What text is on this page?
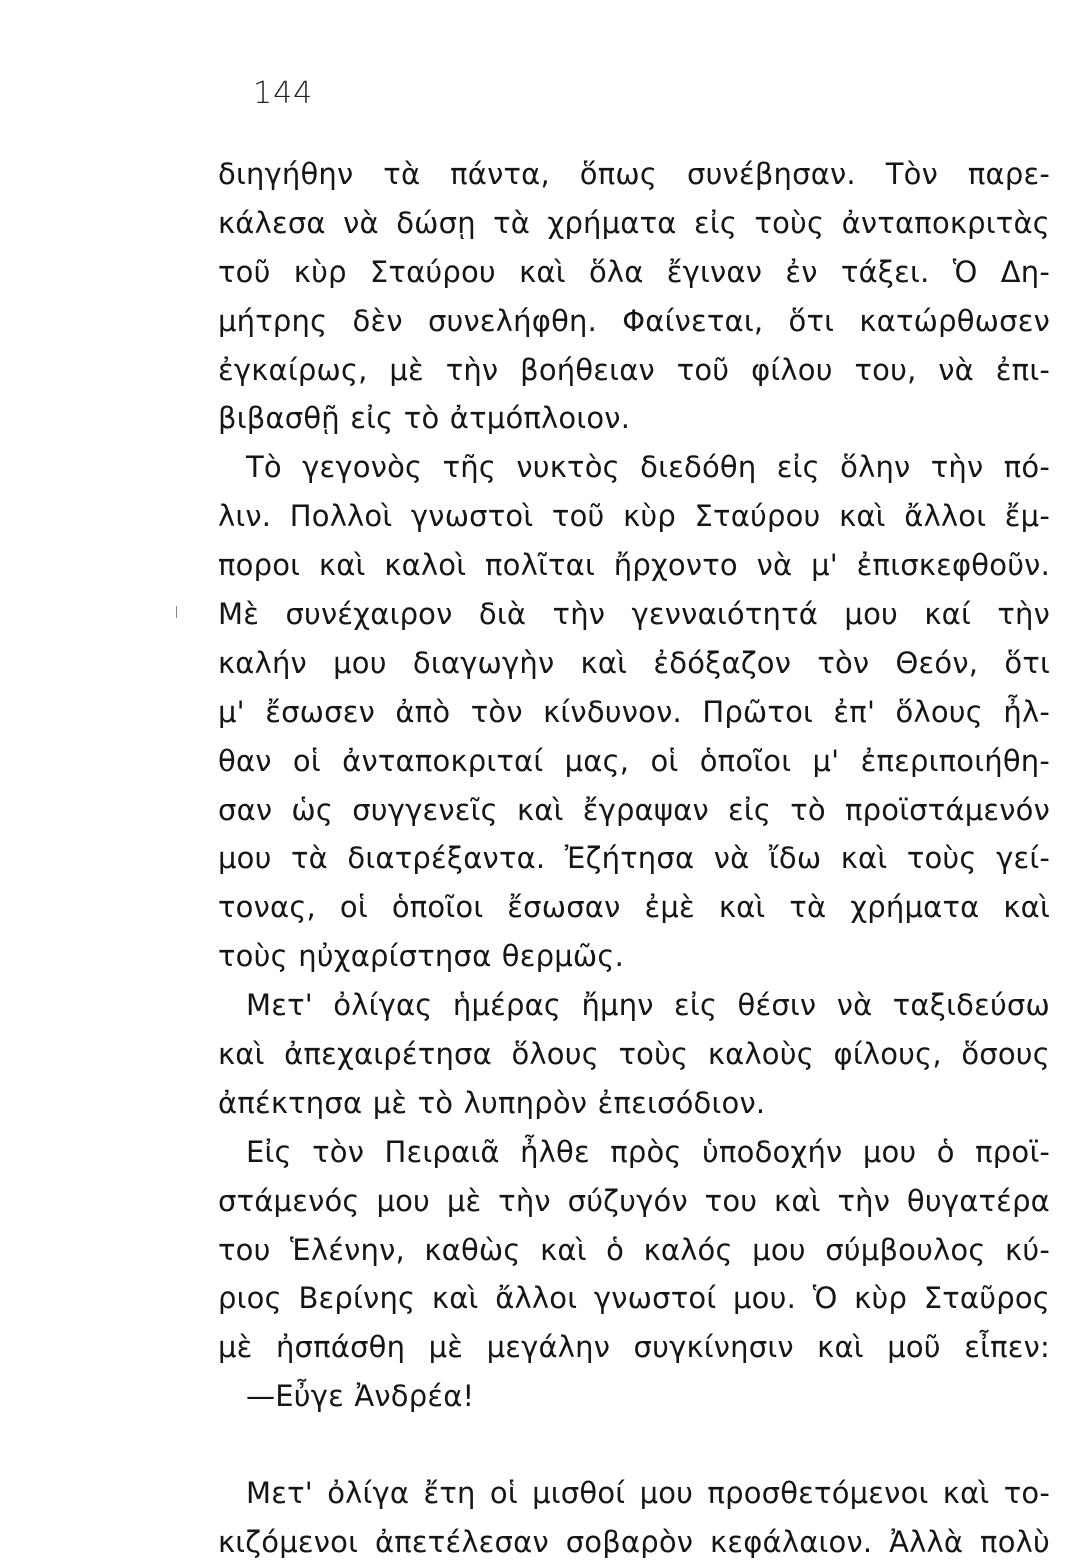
144
διηγήθην τὰ πάντα, ὅπως συνέβησαν. Τὸν παρε-
κάλεσα νὰ δώσῃ τὰ χρήματα εἰς τοὺς ἀνταποκριτὰς
τοῦ κὺρ Σταύρου καὶ ὅλα ἔγιναν ἐν τάξει. Ὁ Δη-
μήτρης δὲν συνελήφθη. Φαίνεται, ὅτι κατώρθωσεν
ἐγκαίρως, μὲ τὴν βοήθειαν τοῦ φίλου του, νὰ ἐπι-
βιβασθῇ εἰς τὸ ἀτμόπλοιον.
Τὸ γεγονὸς τῆς νυκτὸς διεδόθη εἰς ὅλην τὴν πό-
λιν. Πολλοὶ γνωστοὶ τοῦ κὺρ Σταύρου καὶ ἄλλοι ἔμ-
ποροι καὶ καλοὶ πολῖται ἤρχοντο νὰ μ' ἐπισκεφθοῦν.
Μὲ συνέχαιρον διὰ τὴν γενναιότητά μου καί τὴν
καλήν μου διαγωγὴν καὶ ἐδόξαζον τὸν Θεόν, ὅτι
μ' ἔσωσεν ἀπὸ τὸν κίνδυνον. Πρῶτοι ἐπ' ὅλους ἦλ-
θαν οἱ ἀνταποκριταί μας, οἱ ὁποῖοι μ' ἐπεριποιήθη-
σαν ὡς συγγενεῖς καὶ ἔγραψαν εἰς τὸ προϊστάμενόν
μου τὰ διατρέξαντα. Ἐζήτησα νὰ ἴδω καὶ τοὺς γεί-
τονας, οἱ ὁποῖοι ἔσωσαν ἐμὲ καὶ τὰ χρήματα καὶ
τοὺς ηὐχαρίστησα θερμῶς.
Μετ' ὀλίγας ἡμέρας ἤμην εἰς θέσιν νὰ ταξιδεύσω
καὶ ἀπεχαιρέτησα ὅλους τοὺς καλοὺς φίλους, ὅσους
ἀπέκτησα μὲ τὸ λυπηρὸν ἐπεισόδιον.
Εἰς τὸν Πειραιᾶ ἦλθε πρὸς ὑποδοχήν μου ὁ προϊ-
στάμενός μου μὲ τὴν σύζυγόν του καὶ τὴν θυγατέρα
του Ἑλένην, καθὼς καὶ ὁ καλός μου σύμβουλος κύ-
ριος Βερίνης καὶ ἄλλοι γνωστοί μου. Ὁ κὺρ Σταῦρος
μὲ ἠσπάσθη μὲ μεγάλην συγκίνησιν καὶ μοῦ εἶπεν:
—Εὖγε Ἀνδρέα!
Μετ' ὀλίγα ἔτη οἱ μισθοί μου προσθετόμενοι καὶ το-
κιζόμενοι ἀπετέλεσαν σοβαρὸν κεφάλαιον. Ἀλλὰ πολὺ
